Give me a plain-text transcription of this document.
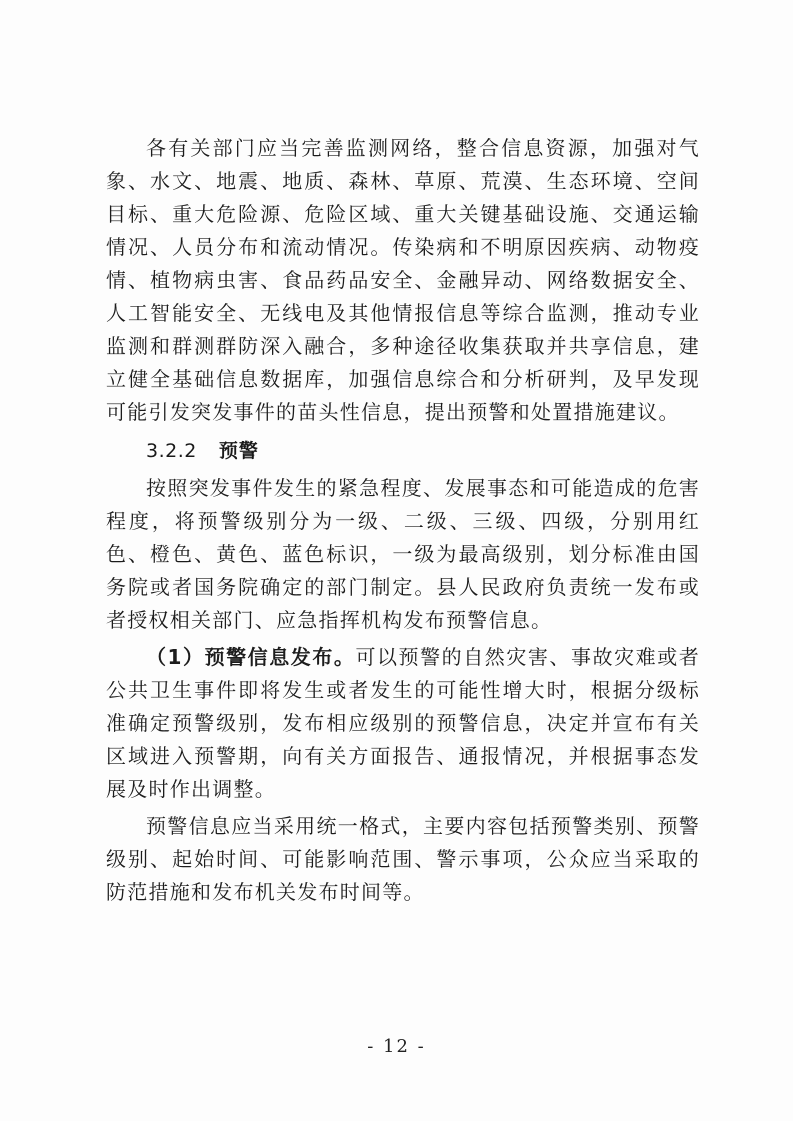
各有关部门应当完善监测网络，整合信息资源，加强对气象、水文、地震、地质、森林、草原、荒漠、生态环境、空间目标、重大危险源、危险区域、重大关键基础设施、交通运输情况、人员分布和流动情况。传染病和不明原因疾病、动物疫情、植物病虫害、食品药品安全、金融异动、网络数据安全、人工智能安全、无线电及其他情报信息等综合监测，推动专业监测和群测群防深入融合，多种途径收集获取并共享信息，建立健全基础信息数据库，加强信息综合和分析研判，及早发现可能引发突发事件的苗头性信息，提出预警和处置措施建议。

3.2.2 预警

按照突发事件发生的紧急程度、发展事态和可能造成的危害程度，将预警级别分为一级、二级、三级、四级，分别用红色、橙色、黄色、蓝色标识，一级为最高级别，划分标准由国务院或者国务院确定的部门制定。县人民政府负责统一发布或者授权相关部门、应急指挥机构发布预警信息。

（1）预警信息发布。可以预警的自然灾害、事故灾难或者公共卫生事件即将发生或者发生的可能性增大时，根据分级标准确定预警级别，发布相应级别的预警信息，决定并宣布有关区域进入预警期，向有关方面报告、通报情况，并根据事态发展及时作出调整。

预警信息应当采用统一格式，主要内容包括预警类别、预警级别、起始时间、可能影响范围、警示事项，公众应当采取的防范措施和发布机关发布时间等。

- 12 -
